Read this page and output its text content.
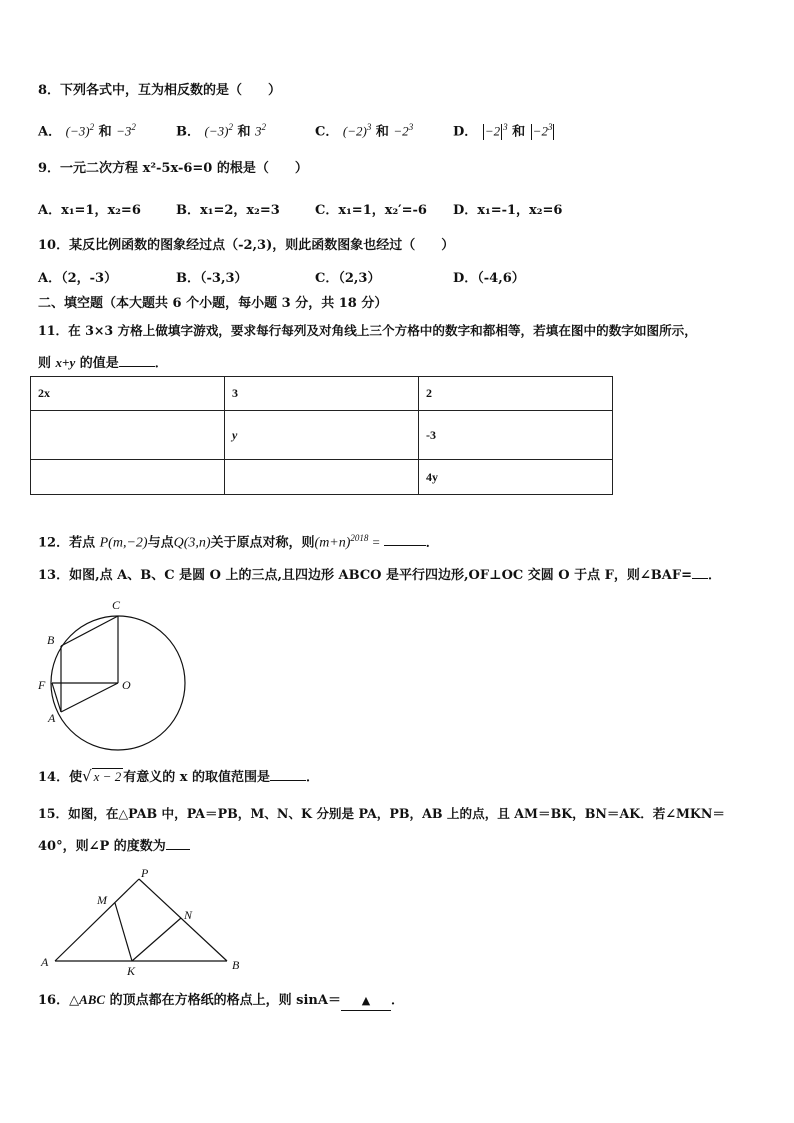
8．下列各式中，互为相反数的是（　　）
A． $(-3)^2$ 和 $-3^2$	B． $(-3)^2$ 和 $3^2$	C． $(-2)^3$ 和 $-2^3$	D． −2 $^3$ 和 $-2^3$
9．一元二次方程 x²-5x-6=0 的根是（　　）
A．x₁=1，x₂=6	B．x₁=2，x₂=3	C．x₁=1，x₂′=-6 D．x₁=-1，x₂=6
10．某反比例函数的图象经过点（-2,3)，则此函数图象也经过（　　）
A．（2，-3）	B．（-3,3）	C．（2,3）	D．（-4,6）
二、填空题（本大题共 6 个小题，每小题 3 分，共 18 分）
11．在 3×3 方格上做填字游戏，要求每行每列及对角线上三个方格中的数字和都相等，若填在图中的数字如图所示，
则 x+y 的值是	．
2x	3	2
	y	-3
		4y
12．若点 P(m,−2)与点Q(3,n)关于原点对称，则$(m+n)^{2018}$ =	．
13．如图,点 A、B、C 是圆 O 上的三点,且四边形 ABCO 是平行四边形,OF⊥OC 交圆 O 于点 F，则∠BAF= ．
C
B
F	O
A
14．使√ x − 2 有意义的 x 的取值范围是	．
15．如图，在△PAB 中，PA＝PB，M、N、K 分别是 PA，PB，AB 上的点，且 AM＝BK，BN＝AK．若∠MKN＝
40°，则∠P 的度数为
P
M
N
A
K	B
16．△ABC 的顶点都在方格纸的格点上，则 sinA＝ ▲ ．
